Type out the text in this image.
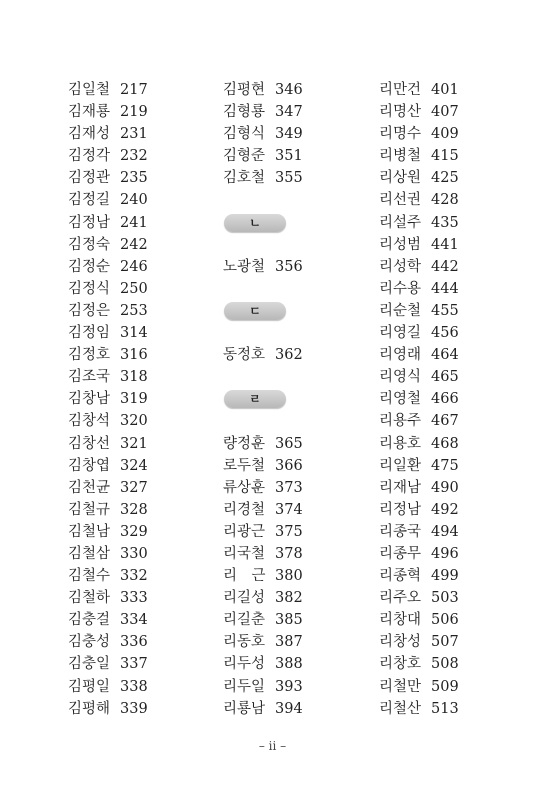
김일철 217
김재룡 219
김재성 231
김정각 232
김정관 235
김정길 240
김정남 241
김정숙 242
김정순 246
김정식 250
김정은 253
김정임 314
김정호 316
김조국 318
김창남 319
김창석 320
김창선 321
김창엽 324
김천균 327
김철규 328
김철남 329
김철삼 330
김철수 332
김철하 333
김충걸 334
김충성 336
김충일 337
김평일 338
김평해 339
김평현 346
김형룡 347
김형식 349
김형준 351
김호철 355
ㄴ
노광철 356
ㄷ
동정호 362
ㄹ
량정훈 365
로두철 366
류상훈 373
리경철 374
리광근 375
리국철 378
리　근 380
리길성 382
리길춘 385
리동호 387
리두성 388
리두일 393
리룡남 394
리만건 401
리명산 407
리명수 409
리병철 415
리상원 425
리선권 428
리설주 435
리성범 441
리성학 442
리수용 444
리순철 455
리영길 456
리영래 464
리영식 465
리영철 466
리용주 467
리용호 468
리일환 475
리재남 490
리정남 492
리종국 494
리종무 496
리종혁 499
리주오 503
리창대 506
리창성 507
리창호 508
리철만 509
리철산 513
– ii –
